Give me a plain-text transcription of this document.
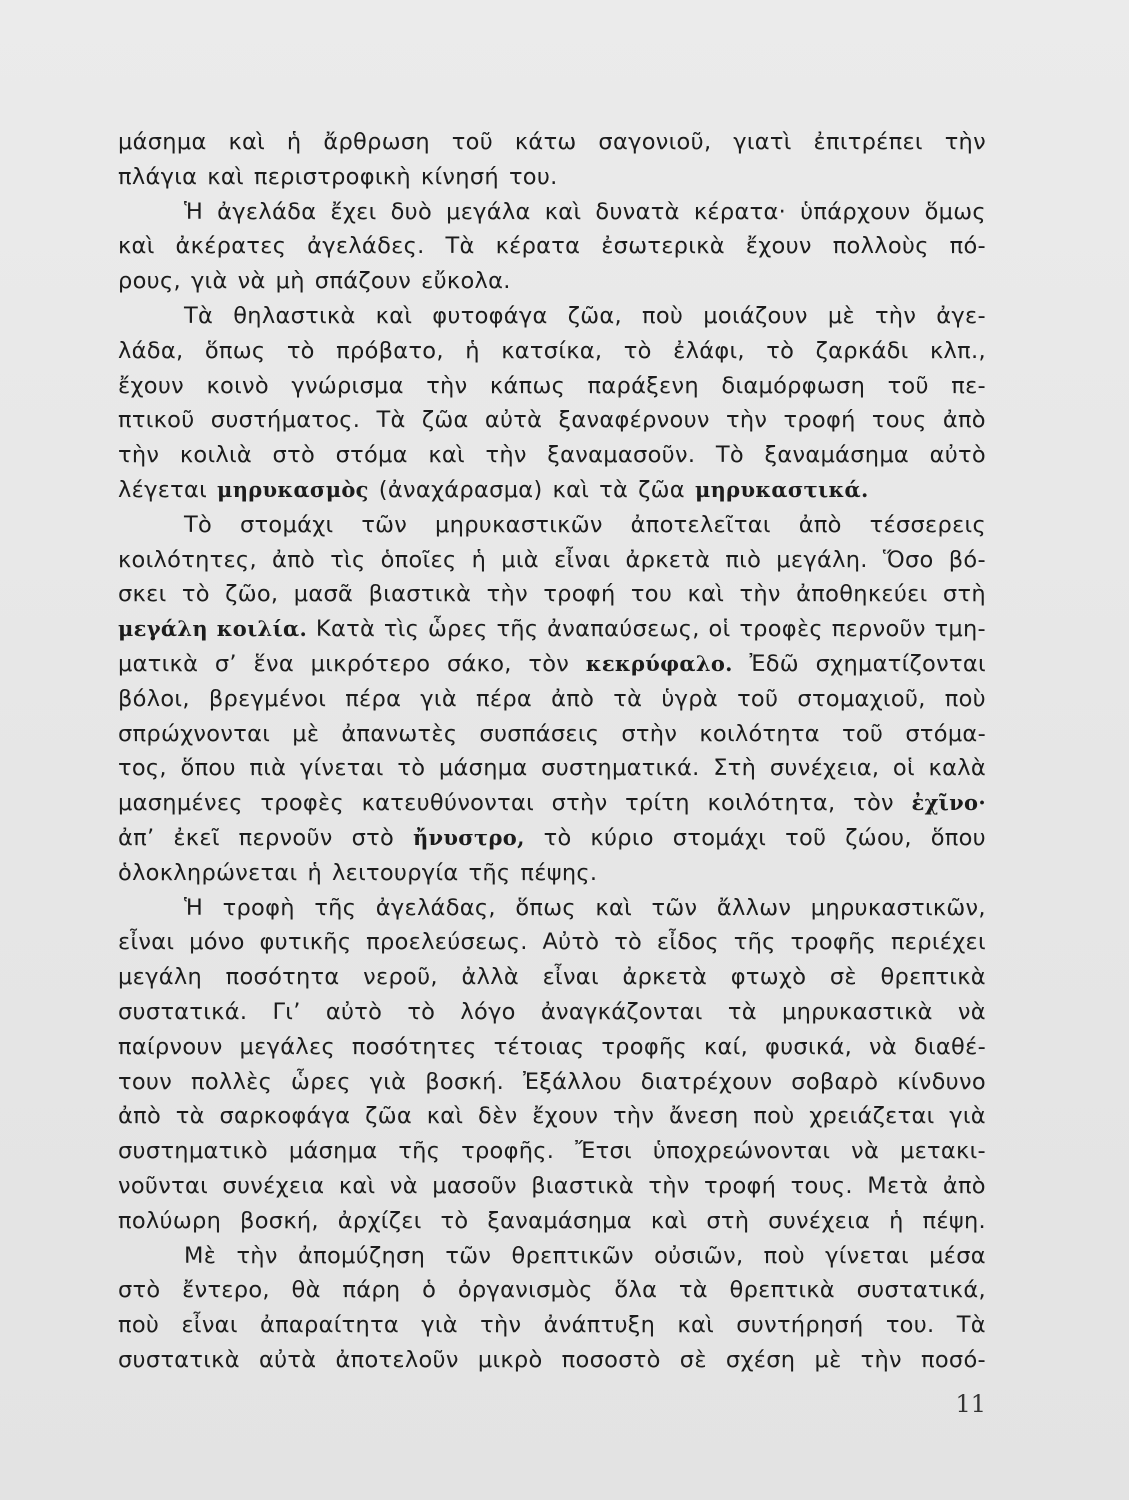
μάσημα καὶ ἡ ἄρθρωση τοῦ κάτω σαγονιοῦ, γιατὶ ἐπιτρέπει τὴν
πλάγια καὶ περιστροφικὴ κίνησή του.
Ἡ ἀγελάδα ἔχει δυὸ μεγάλα καὶ δυνατὰ κέρατα· ὑπάρχουν ὅμως
καὶ ἀκέρατες ἀγελάδες. Τὰ κέρατα ἐσωτερικὰ ἔχουν πολλοὺς πό-
ρους, γιὰ νὰ μὴ σπάζουν εὔκολα.
Τὰ θηλαστικὰ καὶ φυτοφάγα ζῶα, ποὺ μοιάζουν μὲ τὴν ἀγε-
λάδα, ὅπως τὸ πρόβατο, ἡ κατσίκα, τὸ ἐλάφι, τὸ ζαρκάδι κλπ.,
ἔχουν κοινὸ γνώρισμα τὴν κάπως παράξενη διαμόρφωση τοῦ πε-
πτικοῦ συστήματος. Τὰ ζῶα αὐτὰ ξαναφέρνουν τὴν τροφή τους ἀπὸ
τὴν κοιλιὰ στὸ στόμα καὶ τὴν ξαναμασοῦν. Τὸ ξαναμάσημα αὐτὸ
λέγεται μηρυκασμὸς (ἀναχάρασμα) καὶ τὰ ζῶα μηρυκαστικά.
Τὸ στομάχι τῶν μηρυκαστικῶν ἀποτελεῖται ἀπὸ τέσσερεις
κοιλότητες, ἀπὸ τὶς ὁποῖες ἡ μιὰ εἶναι ἀρκετὰ πιὸ μεγάλη. Ὅσο βό-
σκει τὸ ζῶο, μασᾶ βιαστικὰ τὴν τροφή του καὶ τὴν ἀποθηκεύει στὴ
μεγάλη κοιλία. Κατὰ τὶς ὧρες τῆς ἀναπαύσεως, οἱ τροφὲς περνοῦν τμη-
ματικὰ σ’ ἕνα μικρότερο σάκο, τὸν κεκρύφαλο. Ἐδῶ σχηματίζονται
βόλοι, βρεγμένοι πέρα γιὰ πέρα ἀπὸ τὰ ὑγρὰ τοῦ στομαχιοῦ, ποὺ
σπρώχνονται μὲ ἀπανωτὲς συσπάσεις στὴν κοιλότητα τοῦ στόμα-
τος, ὅπου πιὰ γίνεται τὸ μάσημα συστηματικά. Στὴ συνέχεια, οἱ καλὰ
μασημένες τροφὲς κατευθύνονται στὴν τρίτη κοιλότητα, τὸν ἐχῖνο·
ἀπ’ ἐκεῖ περνοῦν στὸ ἤνυστρο, τὸ κύριο στομάχι τοῦ ζώου, ὅπου
ὁλοκληρώνεται ἡ λειτουργία τῆς πέψης.
Ἡ τροφὴ τῆς ἀγελάδας, ὅπως καὶ τῶν ἄλλων μηρυκαστικῶν,
εἶναι μόνο φυτικῆς προελεύσεως. Αὐτὸ τὸ εἶδος τῆς τροφῆς περιέχει
μεγάλη ποσότητα νεροῦ, ἀλλὰ εἶναι ἀρκετὰ φτωχὸ σὲ θρεπτικὰ
συστατικά. Γι’ αὐτὸ τὸ λόγο ἀναγκάζονται τὰ μηρυκαστικὰ νὰ
παίρνουν μεγάλες ποσότητες τέτοιας τροφῆς καί, φυσικά, νὰ διαθέ-
τουν πολλὲς ὧρες γιὰ βοσκή. Ἐξάλλου διατρέχουν σοβαρὸ κίνδυνο
ἀπὸ τὰ σαρκοφάγα ζῶα καὶ δὲν ἔχουν τὴν ἄνεση ποὺ χρειάζεται γιὰ
συστηματικὸ μάσημα τῆς τροφῆς. Ἔτσι ὑποχρεώνονται νὰ μετακι-
νοῦνται συνέχεια καὶ νὰ μασοῦν βιαστικὰ τὴν τροφή τους. Μετὰ ἀπὸ
πολύωρη βοσκή, ἀρχίζει τὸ ξαναμάσημα καὶ στὴ συνέχεια ἡ πέψη.
Μὲ τὴν ἀπομύζηση τῶν θρεπτικῶν οὐσιῶν, ποὺ γίνεται μέσα
στὸ ἔντερο, θὰ πάρη ὁ ὀργανισμὸς ὅλα τὰ θρεπτικὰ συστατικά,
ποὺ εἶναι ἀπαραίτητα γιὰ τὴν ἀνάπτυξη καὶ συντήρησή του. Τὰ
συστατικὰ αὐτὰ ἀποτελοῦν μικρὸ ποσοστὸ σὲ σχέση μὲ τὴν ποσό-
11
